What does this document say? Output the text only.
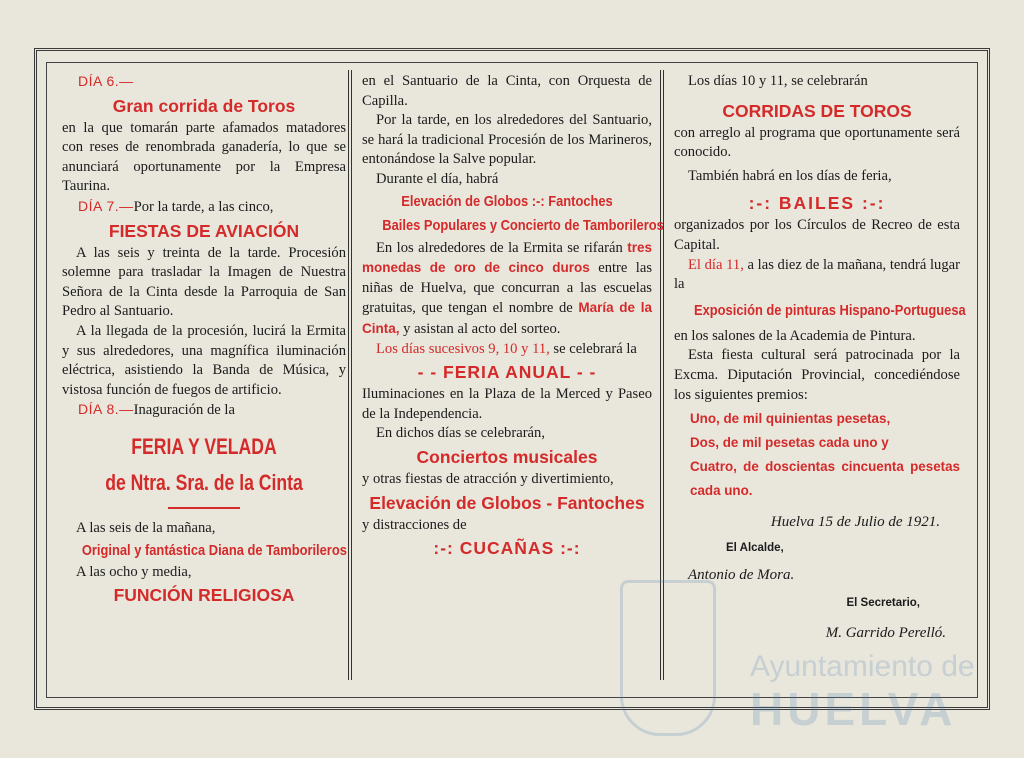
DÍA 6.—

Gran corrida de Toros

en la que tomarán parte afamados matadores con reses de renombrada ganadería, lo que se anunciará oportunamente por la Empresa Taurina.

DÍA 7.—Por la tarde, a las cinco,

FIESTAS DE AVIACIÓN

A las seis y treinta de la tarde. Procesión solemne para trasladar la Imagen de Nuestra Señora de la Cinta desde la Parroquia de San Pedro al Santuario.

A la llegada de la procesión, lucirá la Ermita y sus alrededores, una magnífica iluminación eléctrica, asistiendo la Banda de Música, y vistosa función de fuegos de artificio.

DÍA 8.—Inaguración de la

FERIA Y VELADA
de Ntra. Sra. de la Cinta

A las seis de la mañana,

Original y fantástica Diana de Tamborileros

A las ocho y media,

FUNCIÓN RELIGIOSA

en el Santuario de la Cinta, con Orquesta de Capilla.

Por la tarde, en los alrededores del Santuario, se hará la tradicional Procesión de los Marineros, entonándose la Salve popular.

Durante el día, habrá

Elevación de Globos :-: Fantoches
Bailes Populares y Concierto de Tamborileros

En los alrededores de la Ermita se rifarán tres monedas de oro de cinco duros entre las niñas de Huelva, que concurran a las escuelas gratuitas, que tengan el nombre de María de la Cinta, y asistan al acto del sorteo.

Los días sucesivos 9, 10 y 11, se celebrará la

- - FERIA ANUAL - -

Iluminaciones en la Plaza de la Merced y Paseo de la Independencia.

En dichos días se celebrarán,

Conciertos musicales

y otras fiestas de atracción y divertimiento,

Elevación de Globos - Fantoches

y distracciones de

:-: CUCAÑAS :-:

Los días 10 y 11, se celebrarán

CORRIDAS DE TOROS

con arreglo al programa que oportunamente será conocido.

También habrá en los días de feria,

:-: BAILES :-:

organizados por los Círculos de Recreo de esta Capital.

El día 11, a las diez de la mañana, tendrá lugar la

Exposición de pinturas Hispano-Portuguesa

en los salones de la Academia de Pintura.

Esta fiesta cultural será patrocinada por la Excma. Diputación Provincial, concediéndose los siguientes premios:

Uno, de mil quinientas pesetas,
Dos, de mil pesetas cada uno y
Cuatro, de doscientas cincuenta pesetas cada uno.

Huelva 15 de Julio de 1921.

El Alcalde,

Antonio de Mora.

El Secretario,

M. Garrido Perelló.

Ayuntamiento de
HUELVA
